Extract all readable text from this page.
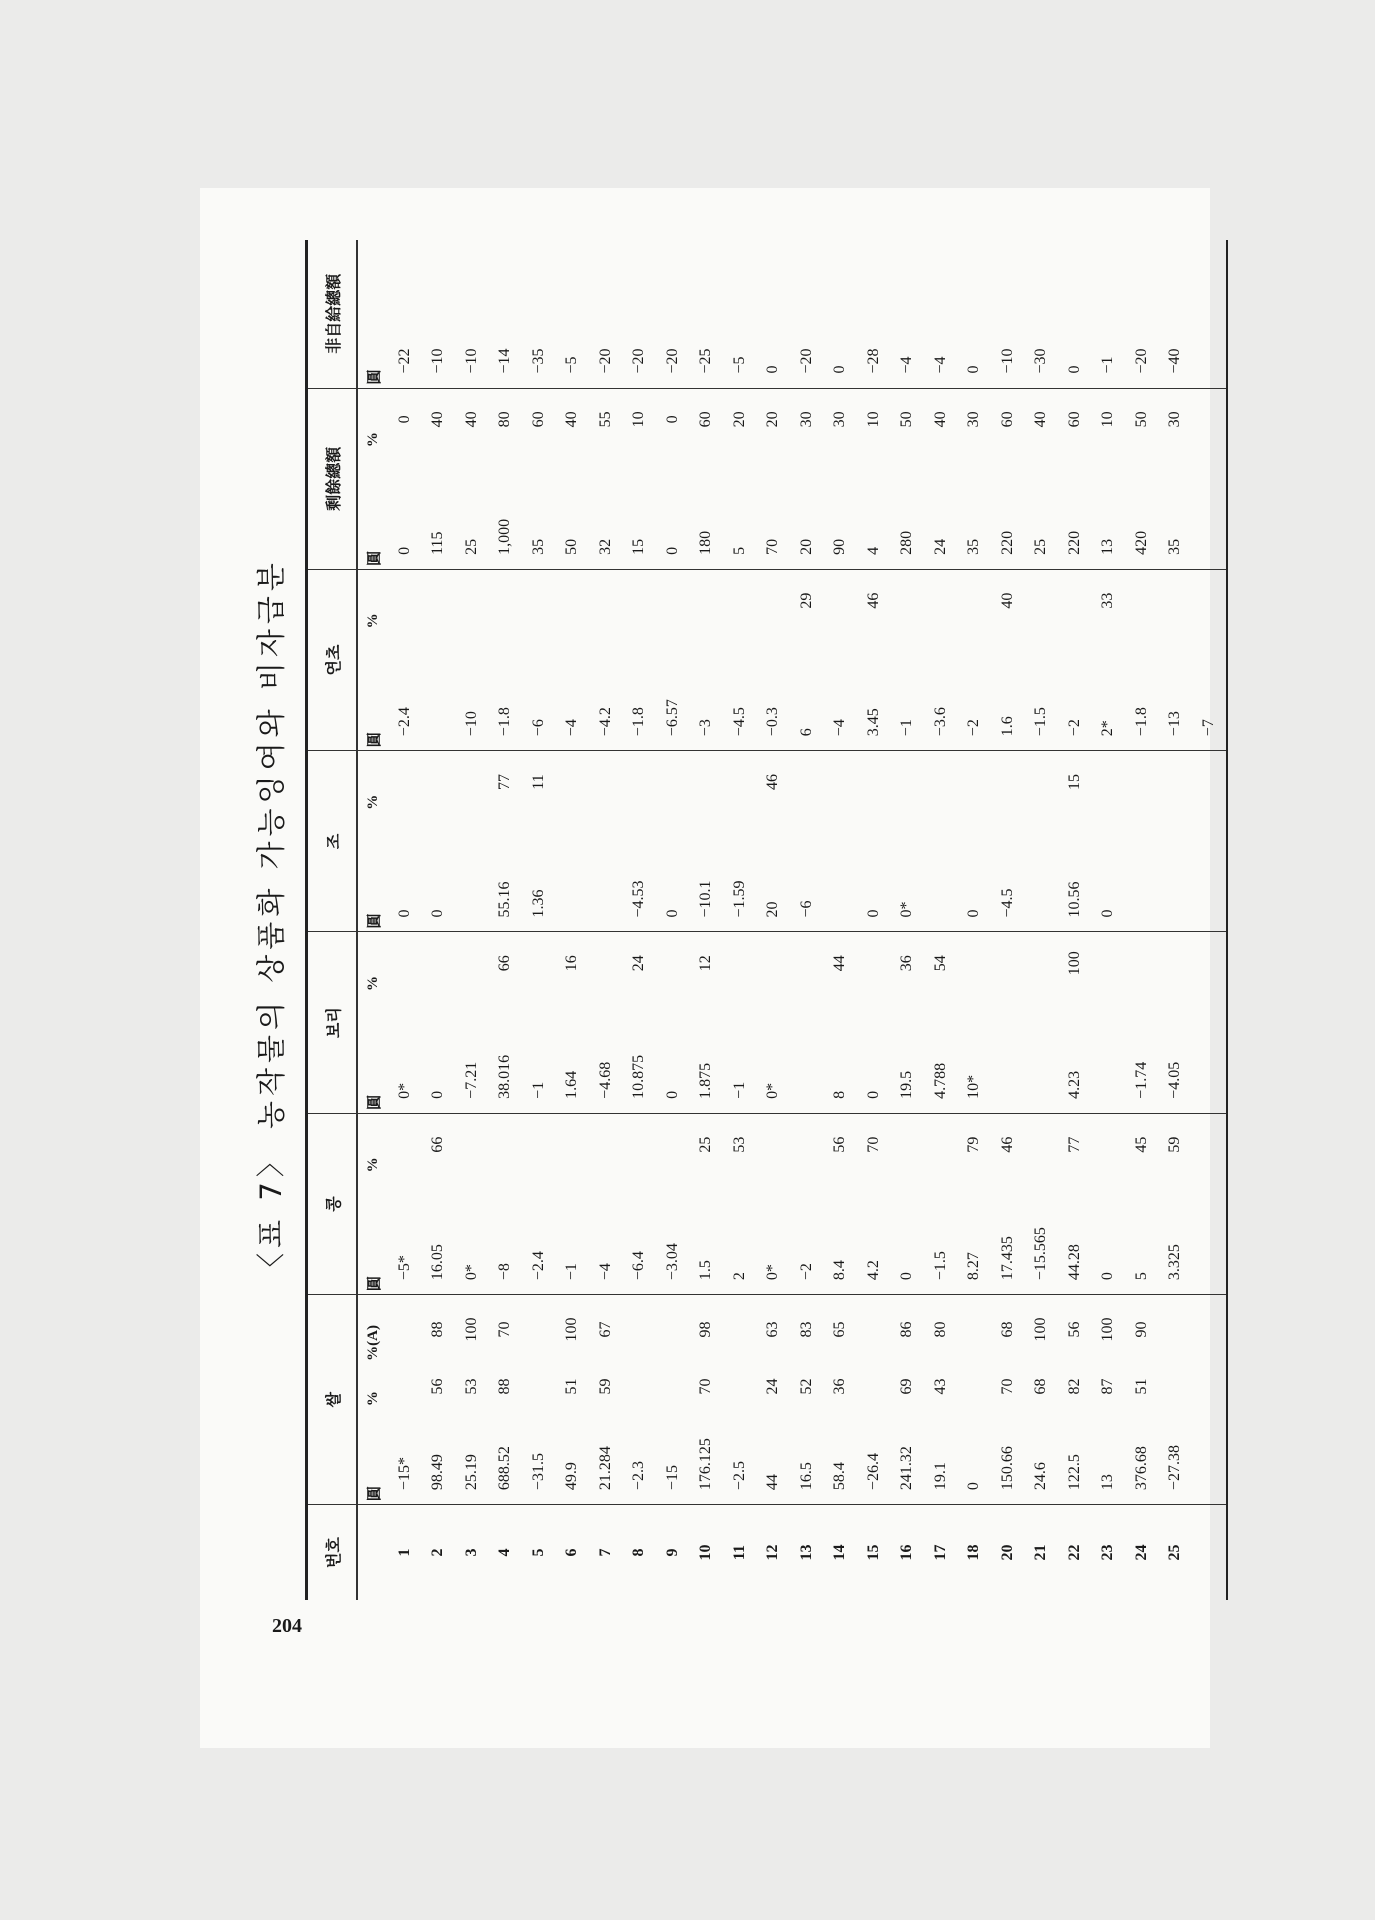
204
〈표 7〉 농작물의 상품화 가능잉여와 비자급분
번호	쌀			콩		보리		조		연초		剩餘總額		非自給總額
	圓	%	%(A)	圓	%	圓	%	圓	%	圓	%	圓	%	圓
1	−15*			−5*		0*		0		−2.4		0	0	−22
2	98.49	56	88	16.05	66	0		0				115	40	−10
3	25.19	53	100	0*		−7.21				−10		25	40	−10
4	688.52	88	70	−8		38.016	66	55.16	77	−1.8		1,000	80	−14
5	−31.5			−2.4		−1		1.36	11	−6		35	60	−35
6	49.9	51	100	−1		1.64	16			−4		50	40	−5
7	21.284	59	67	−4		−4.68				−4.2		32	55	−20
8	−2.3			−6.4		10.875	24	−4.53		−1.8		15	10	−20
9	−15			−3.04		0		0		−6.57		0	0	−20
10	176.125	70	98	1.5	25	1.875	12	−10.1		−3		180	60	−25
11	−2.5			2	53	−1		−1.59		−4.5		5	20	−5
12	44	24	63	0*		0*		20	46	−0.3		70	20	0
13	16.5	52	83	−2				−6		6	29	20	30	−20
14	58.4	36	65	8.4	56	8	44			−4		90	30	0
15	−26.4			4.2	70	0		0		3.45	46	4	10	−28
16	241.32	69	86	0		19.5	36	0*		−1		280	50	−4
17	19.1	43	80	−1.5		4.788	54			−3.6		24	40	−4
18	0			8.27	79	10*		0		−2		35	30	0
20	150.66	70	68	17.435	46			−4.5		1.6	40	220	60	−10
21	24.6	68	100	−15.565						−1.5		25	40	−30
22	122.5	82	56	44.28	77	4.23	100	10.56	15	−2		220	60	0
23	13	87	100	0				0		2*	33	13	10	−1
24	376.68	51	90	5	45	−1.74				−1.8		420	50	−20
25	−27.38			3.325	59	−4.05				−13		35	30	−40
										−7				
